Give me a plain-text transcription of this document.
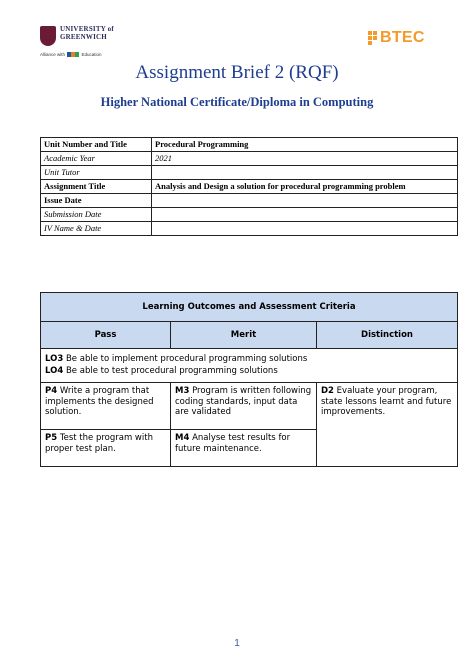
UNIVERSITY of
GREENWICH
Alliance with	Education
BTEC
Assignment Brief 2 (RQF)
Higher National Certificate/Diploma in Computing
Unit Number and Title	Procedural Programming
Academic Year	2021
Unit Tutor	
Assignment Title	Analysis and Design a solution for procedural programming problem
Issue Date	
Submission Date	
IV Name & Date	
Learning Outcomes and Assessment Criteria		
Pass	Merit	Distinction

LO3 Be able to implement procedural programming solutions
LO4 Be able to test procedural programming solutions		

P4 Write a program that implements the designed solution.	M3 Program is written following coding standards, input data are validated	D2 Evaluate your program, state lessons learnt and future improvements.

P5 Test the program with proper test plan.	M4 Analyse test results for future maintenance.	
1
